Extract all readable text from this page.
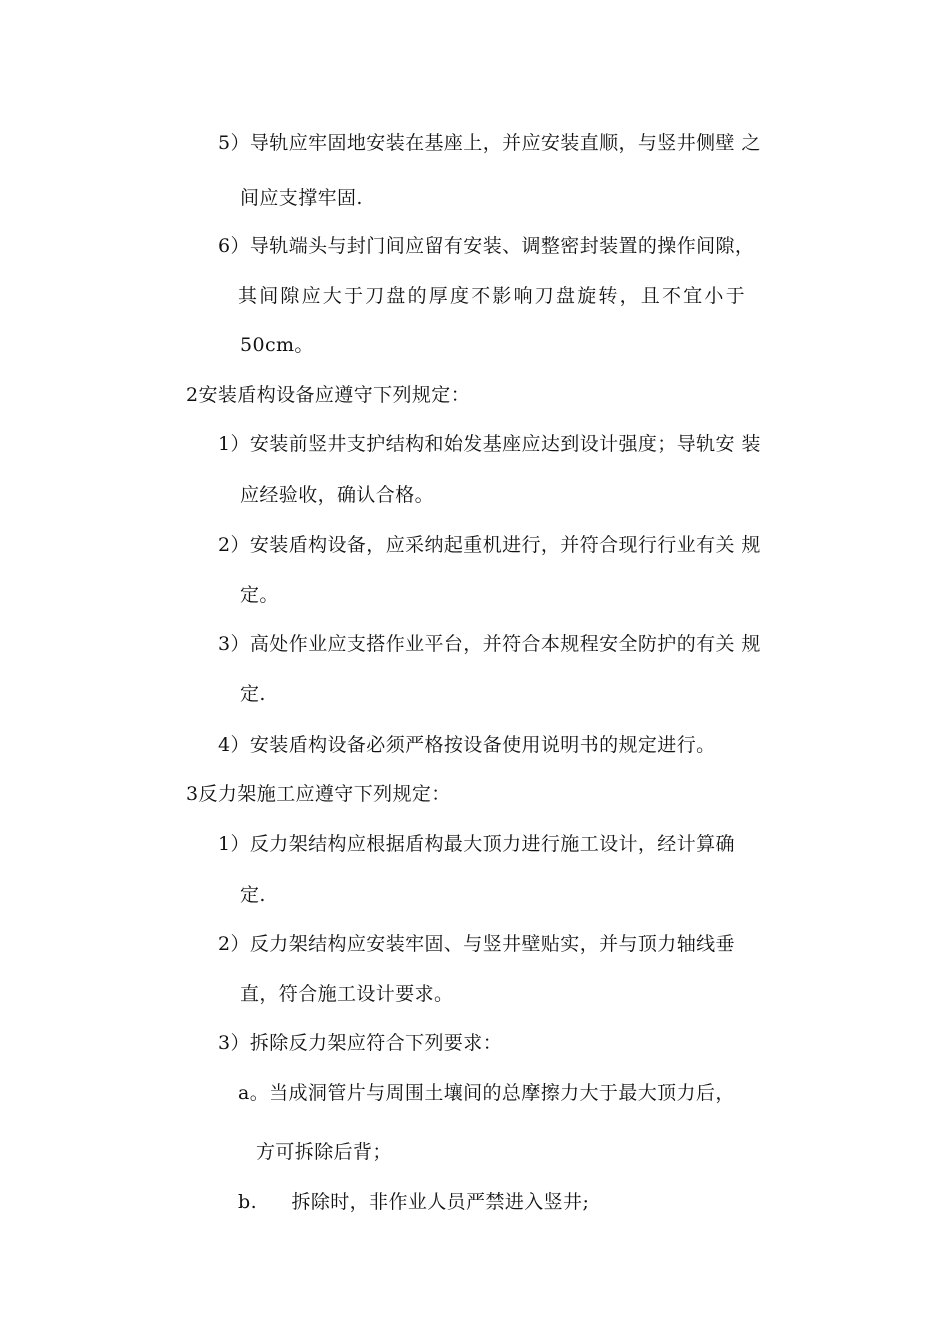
5）导轨应牢固地安装在基座上，并应安装直顺，与竖井侧壁 之
间应支撑牢固.
6）导轨端头与封门间应留有安装、调整密封装置的操作间隙，
其间隙应大于刀盘的厚度不影响刀盘旋转，且不宜小于
50cm。
2安装盾构设备应遵守下列规定：
1）安装前竖井支护结构和始发基座应达到设计强度；导轨安 装
应经验收，确认合格。
2）安装盾构设备，应采纳起重机进行，并符合现行行业有关 规
定。
3）高处作业应支搭作业平台，并符合本规程安全防护的有关 规
定.
4）安装盾构设备必须严格按设备使用说明书的规定进行。
3反力架施工应遵守下列规定：
1）反力架结构应根据盾构最大顶力进行施工设计，经计算确
定.
2）反力架结构应安装牢固、与竖井壁贴实，并与顶力轴线垂
直，符合施工设计要求。
3）拆除反力架应符合下列要求：
a。当成洞管片与周围土壤间的总摩擦力大于最大顶力后，
方可拆除后背；
b. 拆除时，非作业人员严禁进入竖井;
